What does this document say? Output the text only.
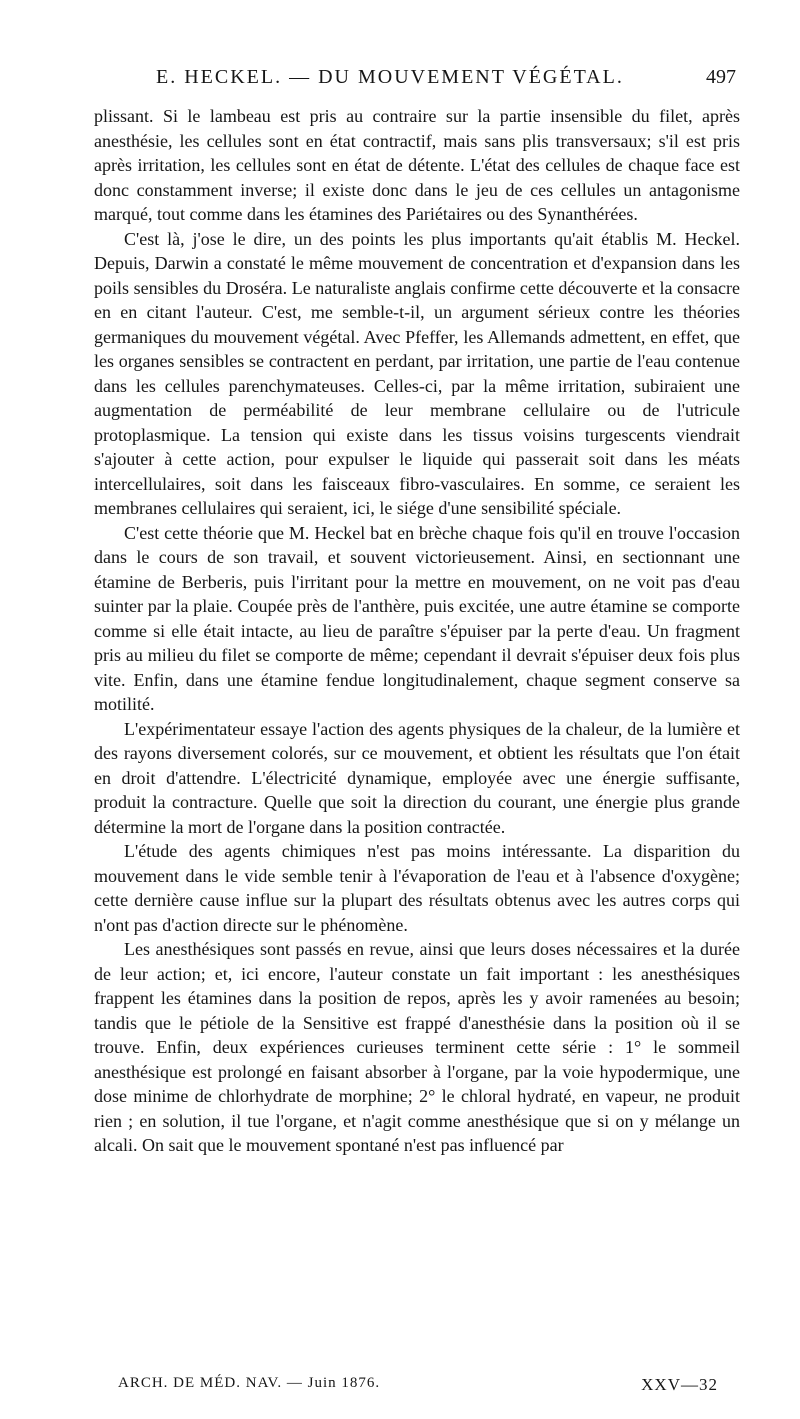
E. HECKEL. — DU MOUVEMENT VÉGÉTAL.	497

plissant. Si le lambeau est pris au contraire sur la partie insensible du filet, après anesthésie, les cellules sont en état contractif, mais sans plis transversaux; s'il est pris après irritation, les cellules sont en état de détente. L'état des cellules de chaque face est donc constamment inverse; il existe donc dans le jeu de ces cellules un antagonisme marqué, tout comme dans les étamines des Pariétaires ou des Synanthérées.

C'est là, j'ose le dire, un des points les plus importants qu'ait établis M. Heckel. Depuis, Darwin a constaté le même mouvement de concentration et d'expansion dans les poils sensibles du Droséra. Le naturaliste anglais confirme cette découverte et la consacre en en citant l'auteur. C'est, me semble-t-il, un argument sérieux contre les théories germaniques du mouvement végétal. Avec Pfeffer, les Allemands admettent, en effet, que les organes sensibles se contractent en perdant, par irritation, une partie de l'eau contenue dans les cellules parenchymateuses. Celles-ci, par la même irritation, subiraient une augmentation de perméabilité de leur membrane cellulaire ou de l'utricule protoplasmique. La tension qui existe dans les tissus voisins turgescents viendrait s'ajouter à cette action, pour expulser le liquide qui passerait soit dans les méats intercellulaires, soit dans les faisceaux fibro-vasculaires. En somme, ce seraient les membranes cellulaires qui seraient, ici, le siége d'une sensibilité spéciale.

C'est cette théorie que M. Heckel bat en brèche chaque fois qu'il en trouve l'occasion dans le cours de son travail, et souvent victorieusement. Ainsi, en sectionnant une étamine de Berberis, puis l'irritant pour la mettre en mouvement, on ne voit pas d'eau suinter par la plaie. Coupée près de l'anthère, puis excitée, une autre étamine se comporte comme si elle était intacte, au lieu de paraître s'épuiser par la perte d'eau. Un fragment pris au milieu du filet se comporte de même; cependant il devrait s'épuiser deux fois plus vite. Enfin, dans une étamine fendue longitudinalement, chaque segment conserve sa motilité.

L'expérimentateur essaye l'action des agents physiques de la chaleur, de la lumière et des rayons diversement colorés, sur ce mouvement, et obtient les résultats que l'on était en droit d'attendre. L'électricité dynamique, employée avec une énergie suffisante, produit la contracture. Quelle que soit la direction du courant, une énergie plus grande détermine la mort de l'organe dans la position contractée.

L'étude des agents chimiques n'est pas moins intéressante. La disparition du mouvement dans le vide semble tenir à l'évaporation de l'eau et à l'absence d'oxygène; cette dernière cause influe sur la plupart des résultats obtenus avec les autres corps qui n'ont pas d'action directe sur le phénomène.

Les anesthésiques sont passés en revue, ainsi que leurs doses nécessaires et la durée de leur action; et, ici encore, l'auteur constate un fait important : les anesthésiques frappent les étamines dans la position de repos, après les y avoir ramenées au besoin; tandis que le pétiole de la Sensitive est frappé d'anesthésie dans la position où il se trouve. Enfin, deux expériences curieuses terminent cette série : 1° le sommeil anesthésique est prolongé en faisant absorber à l'organe, par la voie hypodermique, une dose minime de chlorhydrate de morphine; 2° le chloral hydraté, en vapeur, ne produit rien ; en solution, il tue l'organe, et n'agit comme anesthésique que si on y mélange un alcali. On sait que le mouvement spontané n'est pas influencé par

ARCH. DE MÉD. NAV. — Juin 1876.	XXV—32
